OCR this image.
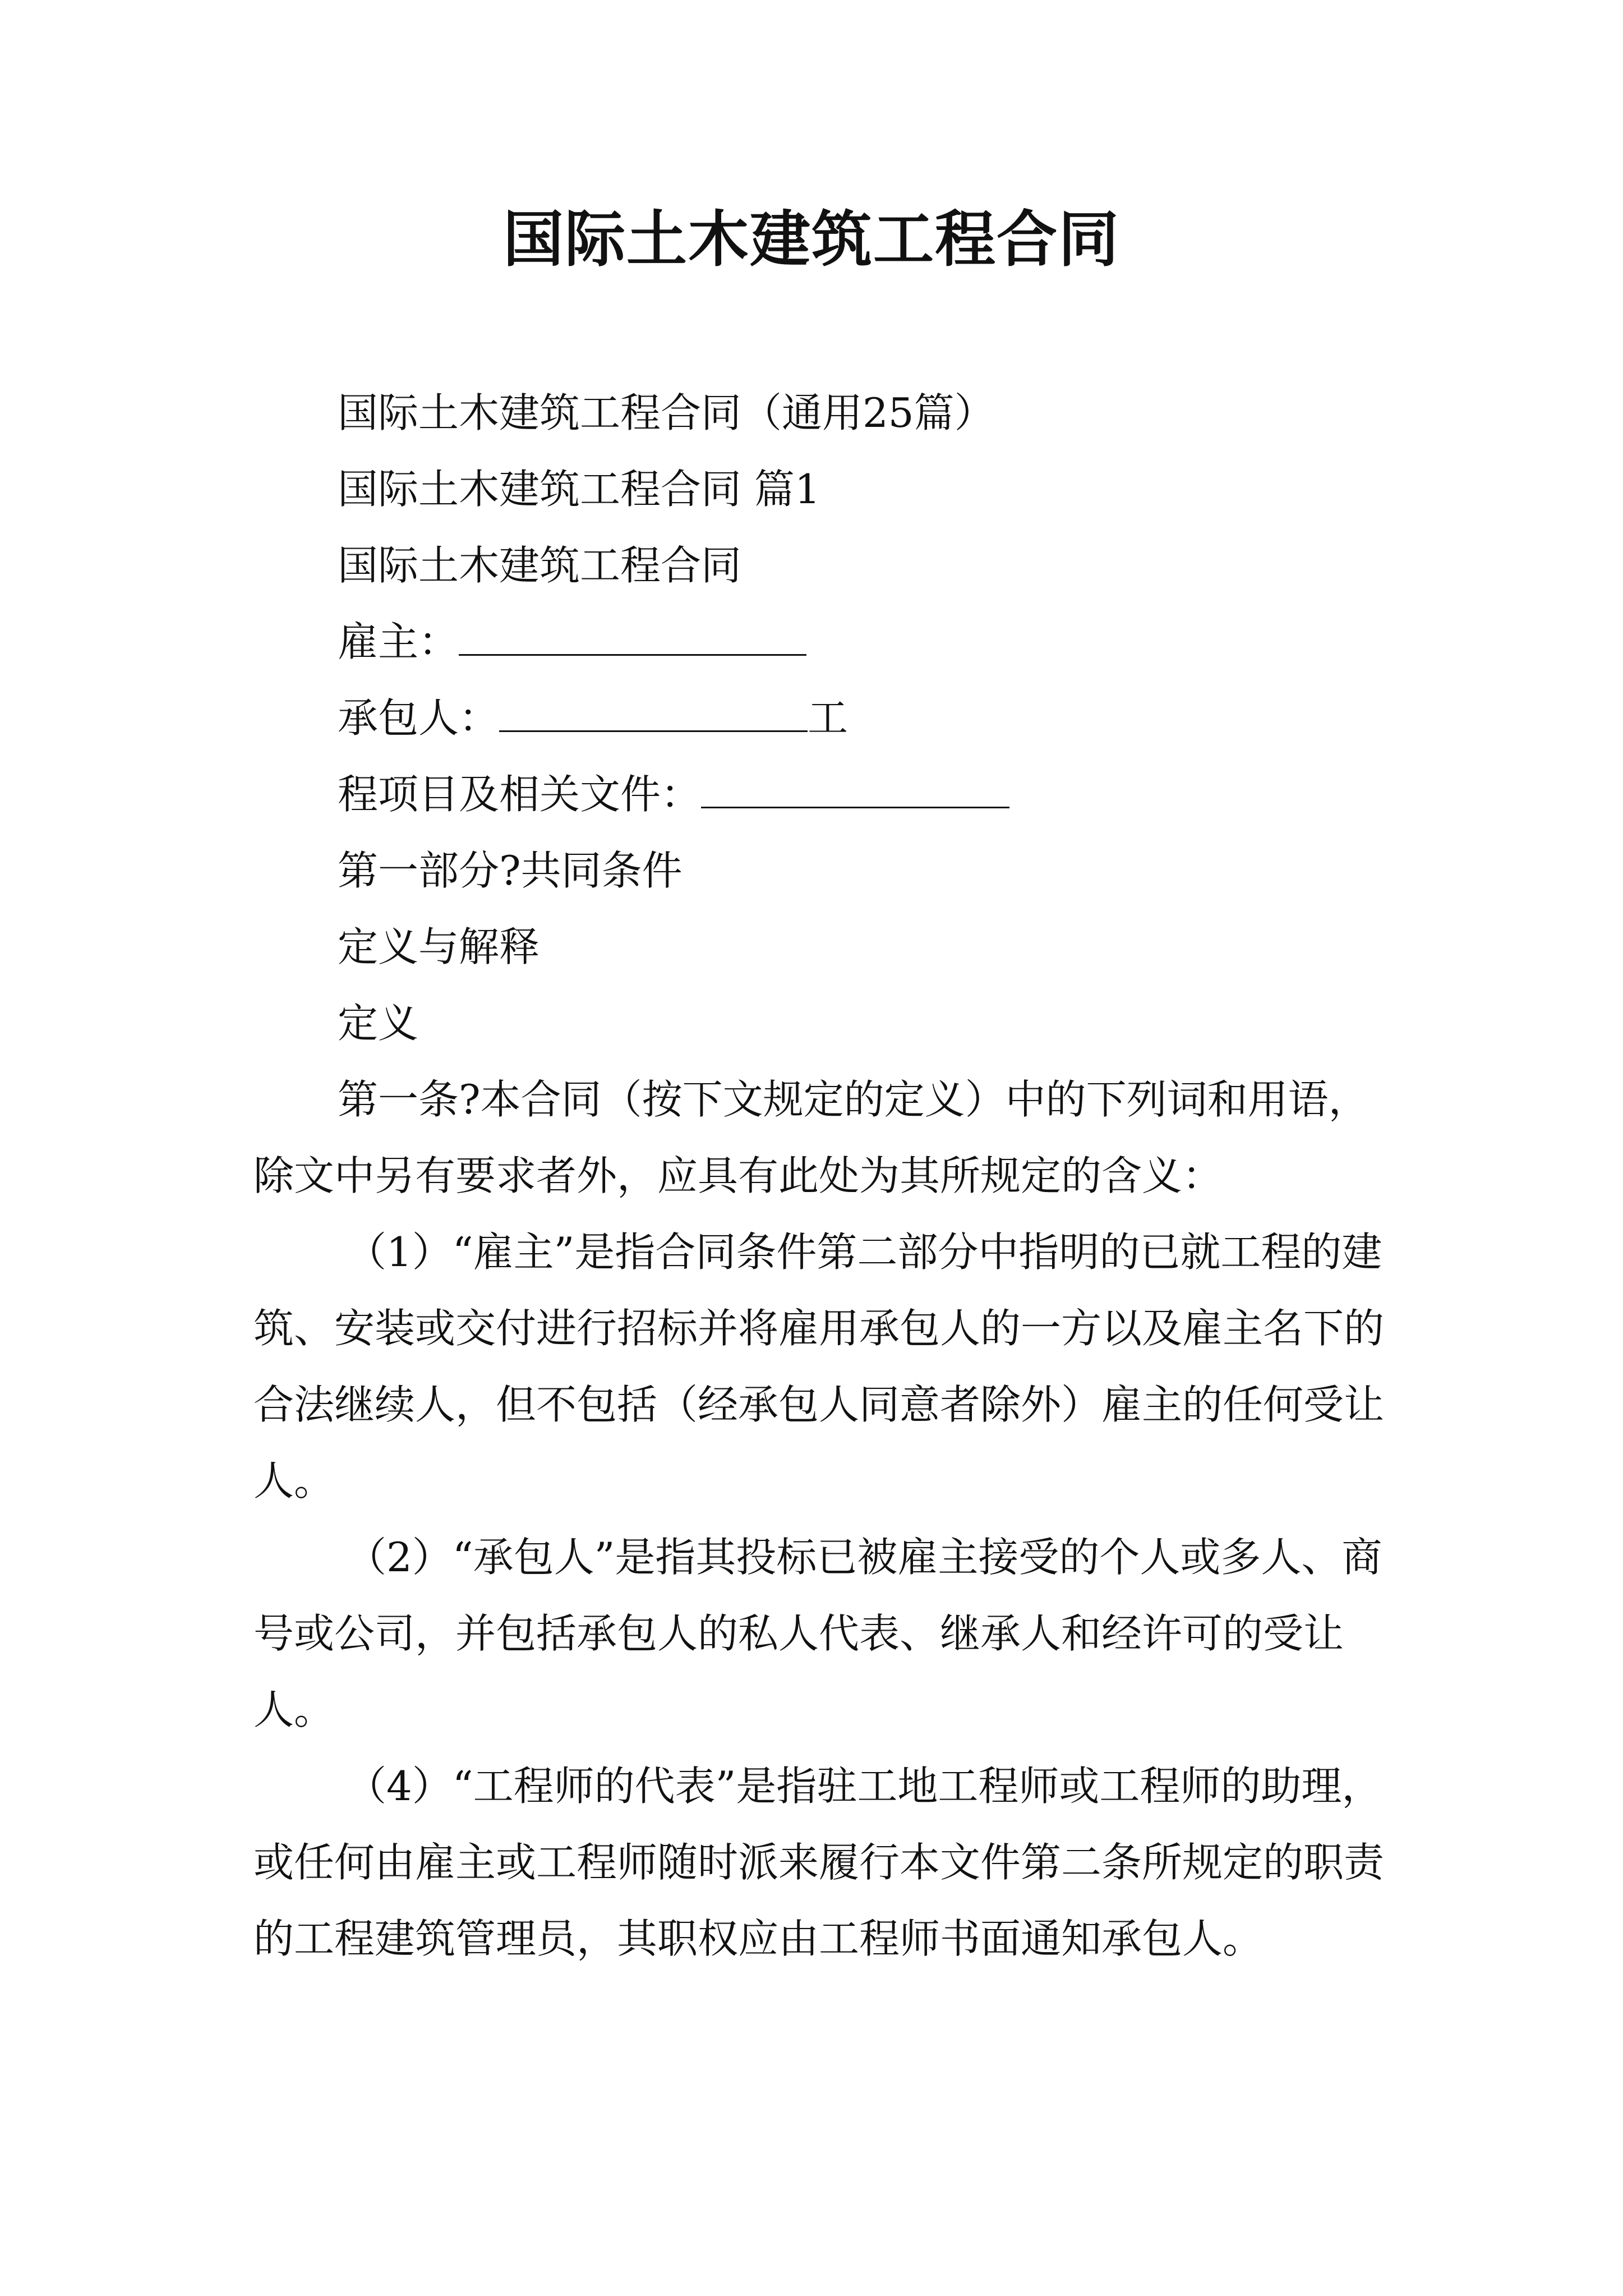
国际土木建筑工程合同
国际土木建筑工程合同（通用25篇）
国际土木建筑工程合同 篇1
国际土木建筑工程合同
雇主：
承包人：	工
程项目及相关文件：
第一部分?共同条件
定义与解释
定义
第一条?本合同（按下文规定的定义）中的下列词和用语，除文中另有要求者外，应具有此处为其所规定的含义：
（1）“雇主”是指合同条件第二部分中指明的已就工程的建筑、安装或交付进行招标并将雇用承包人的一方以及雇主名下的合法继续人，但不包括（经承包人同意者除外）雇主的任何受让人。
（2）“承包人”是指其投标已被雇主接受的个人或多人、商号或公司，并包括承包人的私人代表、继承人和经许可的受让人。
（4）“工程师的代表”是指驻工地工程师或工程师的助理，或任何由雇主或工程师随时派来履行本文件第二条所规定的职责的工程建筑管理员，其职权应由工程师书面通知承包人。
